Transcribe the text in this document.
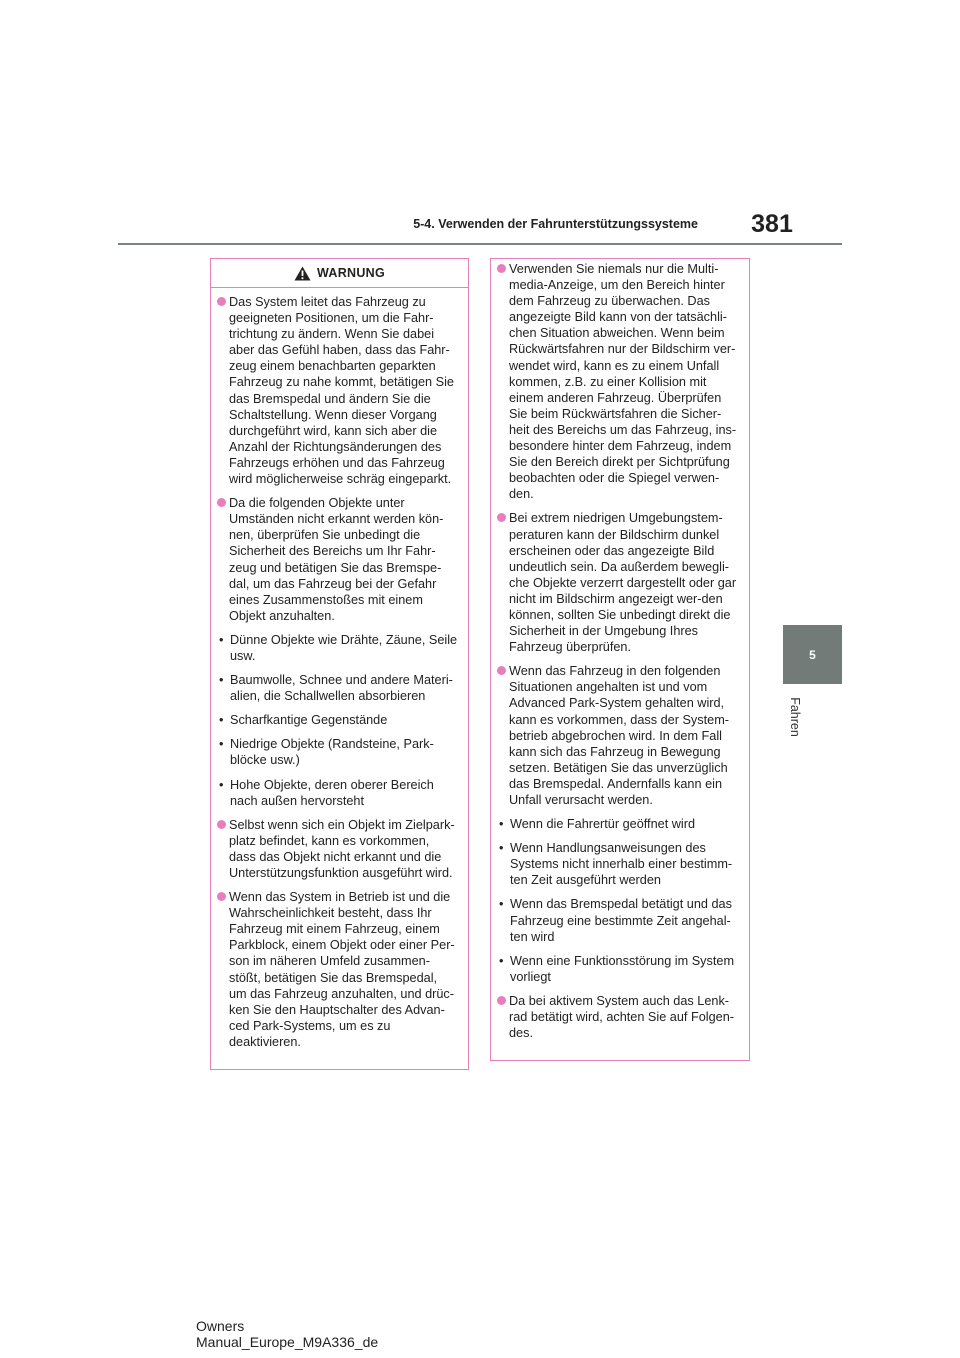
5-4. Verwenden der Fahrunterstützungssysteme	381
5
Fahren
WARNUNG
Das System leitet das Fahrzeug zu geeigneten Positionen, um die Fahr-trichtung zu ändern. Wenn Sie dabei aber das Gefühl haben, dass das Fahr-zeug einem benachbarten geparkten Fahrzeug zu nahe kommt, betätigen Sie das Bremspedal und ändern Sie die Schaltstellung. Wenn dieser Vorgang durchgeführt wird, kann sich aber die Anzahl der Richtungsänderungen des Fahrzeugs erhöhen und das Fahrzeug wird möglicherweise schräg eingeparkt.
Da die folgenden Objekte unter Umständen nicht erkannt werden kön-nen, überprüfen Sie unbedingt die Sicherheit des Bereichs um Ihr Fahr-zeug und betätigen Sie das Bremspe-dal, um das Fahrzeug bei der Gefahr eines Zusammenstoßes mit einem Objekt anzuhalten.
• Dünne Objekte wie Drähte, Zäune, Seile usw.
• Baumwolle, Schnee und andere Materi-alien, die Schallwellen absorbieren
• Scharfkantige Gegenstände
• Niedrige Objekte (Randsteine, Park-blöcke usw.)
• Hohe Objekte, deren oberer Bereich nach außen hervorsteht
Selbst wenn sich ein Objekt im Zielpark-platz befindet, kann es vorkommen, dass das Objekt nicht erkannt und die Unterstützungsfunktion ausgeführt wird.
Wenn das System in Betrieb ist und die Wahrscheinlichkeit besteht, dass Ihr Fahrzeug mit einem Fahrzeug, einem Parkblock, einem Objekt oder einer Per-son im näheren Umfeld zusammen-stößt, betätigen Sie das Bremspedal, um das Fahrzeug anzuhalten, und drüc-ken Sie den Hauptschalter des Advan-ced Park-Systems, um es zu deaktivieren.
Verwenden Sie niemals nur die Multi-media-Anzeige, um den Bereich hinter dem Fahrzeug zu überwachen. Das angezeigte Bild kann von der tatsächli-chen Situation abweichen. Wenn beim Rückwärtsfahren nur der Bildschirm ver-wendet wird, kann es zu einem Unfall kommen, z.B. zu einer Kollision mit einem anderen Fahrzeug. Überprüfen Sie beim Rückwärtsfahren die Sicher-heit des Bereichs um das Fahrzeug, ins-besondere hinter dem Fahrzeug, indem Sie den Bereich direkt per Sichtprüfung beobachten oder die Spiegel verwen-den.
Bei extrem niedrigen Umgebungstem-peraturen kann der Bildschirm dunkel erscheinen oder das angezeigte Bild undeutlich sein. Da außerdem bewegli-che Objekte verzerrt dargestellt oder gar nicht im Bildschirm angezeigt wer-den können, sollten Sie unbedingt direkt die Sicherheit in der Umgebung Ihres Fahrzeug überprüfen.
Wenn das Fahrzeug in den folgenden Situationen angehalten ist und vom Advanced Park-System gehalten wird, kann es vorkommen, dass der System-betrieb abgebrochen wird. In dem Fall kann sich das Fahrzeug in Bewegung setzen. Betätigen Sie das unverzüglich das Bremspedal. Andernfalls kann ein Unfall verursacht werden.
• Wenn die Fahrertür geöffnet wird
• Wenn Handlungsanweisungen des Systems nicht innerhalb einer bestimm-ten Zeit ausgeführt werden
• Wenn das Bremspedal betätigt und das Fahrzeug eine bestimmte Zeit angehal-ten wird
• Wenn eine Funktionsstörung im System vorliegt
Da bei aktivem System auch das Lenk-rad betätigt wird, achten Sie auf Folgen-des.
Owners Manual_Europe_M9A336_de
